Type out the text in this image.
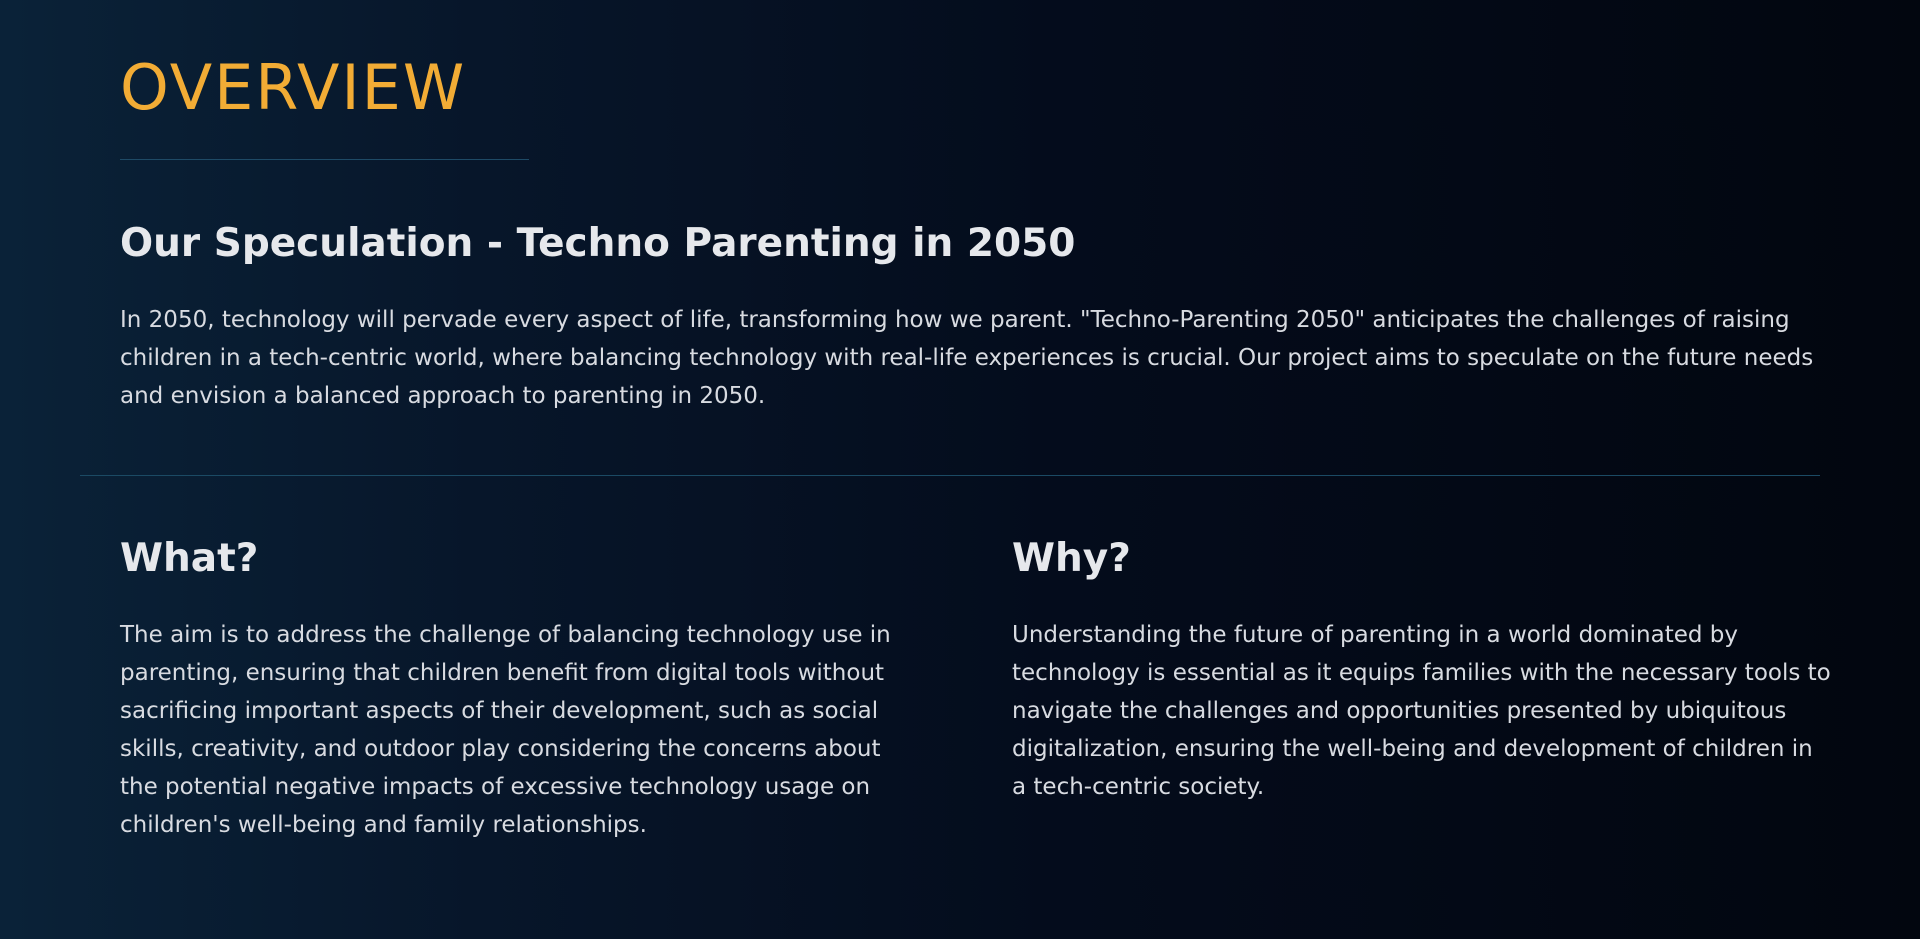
OVERVIEW
Our Speculation - Techno Parenting in 2050

In 2050, technology will pervade every aspect of life, transforming how we parent. "Techno-Parenting 2050" anticipates the challenges of raising children in a tech-centric world, where balancing technology with real-life experiences is crucial. Our project aims to speculate on the future needs and envision a balanced approach to parenting in 2050.

What?

The aim is to address the challenge of balancing technology use in parenting, ensuring that children benefit from digital tools without sacrificing important aspects of their development, such as social skills, creativity, and outdoor play considering the concerns about the potential negative impacts of excessive technology usage on children's well-being and family relationships.

Why?

Understanding the future of parenting in a world dominated by technology is essential as it equips families with the necessary tools to navigate the challenges and opportunities presented by ubiquitous digitalization, ensuring the well-being and development of children in a tech-centric society.
